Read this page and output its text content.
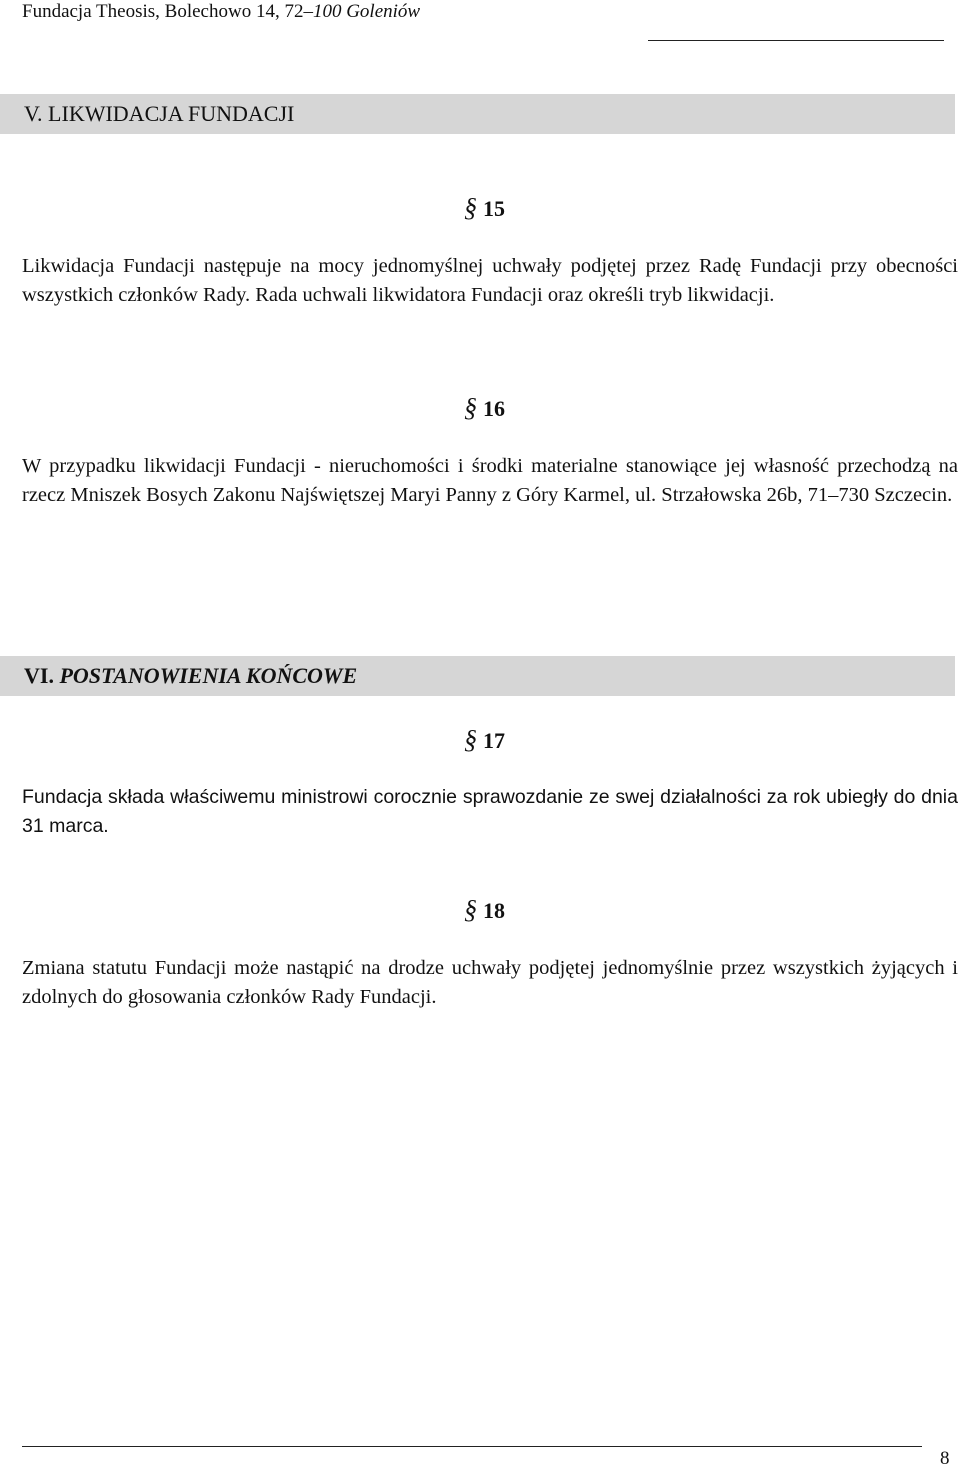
Fundacja Theosis, Bolechowo 14, 72–100 Goleniów
V. LIKWIDACJA FUNDACJI
§ 15
Likwidacja Fundacji następuje na mocy jednomyślnej uchwały podjętej przez Radę Fundacji przy obecności wszystkich członków Rady. Rada uchwali likwidatora Fundacji oraz określi tryb likwidacji.
§ 16
W przypadku likwidacji Fundacji - nieruchomości i środki materialne stanowiące jej własność przechodzą na rzecz Mniszek Bosych Zakonu Najświętszej Maryi Panny z Góry Karmel, ul. Strzałowska 26b, 71–730 Szczecin.
VI. POSTANOWIENIA KOŃCOWE
§ 17
Fundacja składa właściwemu ministrowi corocznie sprawozdanie ze swej działalności za rok ubiegły do dnia 31 marca.
§ 18
Zmiana statutu Fundacji może nastąpić na drodze uchwały podjętej jednomyślnie przez wszystkich żyjących i zdolnych do głosowania członków Rady Fundacji.
8
